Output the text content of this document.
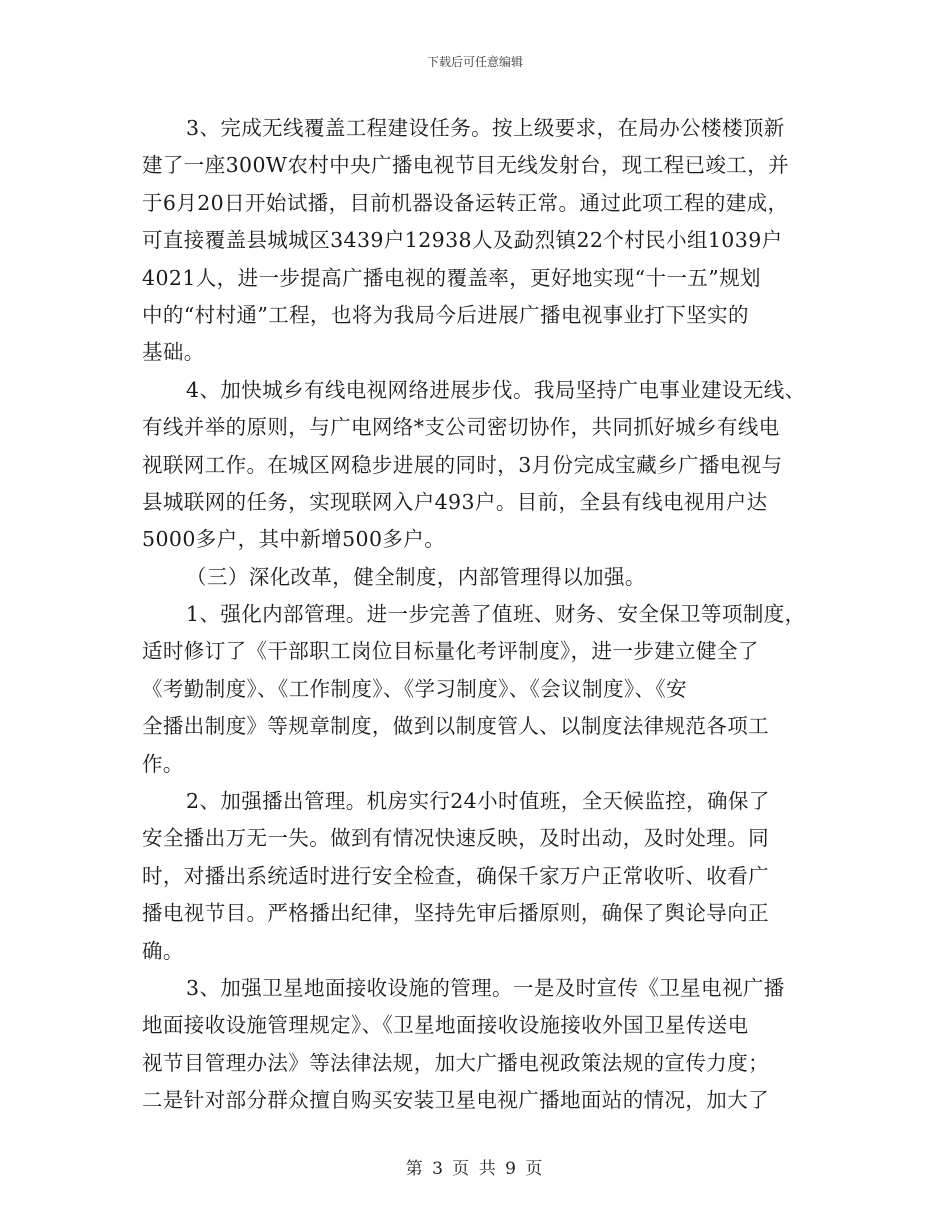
下载后可任意编辑
3、完成无线覆盖工程建设任务。按上级要求，在局办公楼楼顶新
建了一座300W农村中央广播电视节目无线发射台，现工程已竣工，并
于6月20日开始试播，目前机器设备运转正常。通过此项工程的建成，
可直接覆盖县城城区3439户12938人及勐烈镇22个村民小组1039户
4021人，进一步提高广播电视的覆盖率，更好地实现“十一五”规划
中的“村村通”工程，也将为我局今后进展广播电视事业打下坚实的
基础。
4、加快城乡有线电视网络进展步伐。我局坚持广电事业建设无线、
有线并举的原则，与广电网络*支公司密切协作，共同抓好城乡有线电
视联网工作。在城区网稳步进展的同时，3月份完成宝藏乡广播电视与
县城联网的任务，实现联网入户493户。目前，全县有线电视用户达
5000多户，其中新增500多户。
（三）深化改革，健全制度，内部管理得以加强。
1、强化内部管理。进一步完善了值班、财务、安全保卫等项制度，
适时修订了《干部职工岗位目标量化考评制度》，进一步建立健全了
《考勤制度》、《工作制度》、《学习制度》、《会议制度》、《安
全播出制度》等规章制度，做到以制度管人、以制度法律规范各项工
作。
2、加强播出管理。机房实行24小时值班，全天候监控，确保了
安全播出万无一失。做到有情况快速反映，及时出动，及时处理。同
时，对播出系统适时进行安全检查，确保千家万户正常收听、收看广
播电视节目。严格播出纪律，坚持先审后播原则，确保了舆论导向正
确。
3、加强卫星地面接收设施的管理。一是及时宣传《卫星电视广播
地面接收设施管理规定》、《卫星地面接收设施接收外国卫星传送电
视节目管理办法》等法律法规，加大广播电视政策法规的宣传力度；
二是针对部分群众擅自购买安装卫星电视广播地面站的情况，加大了
第 3 页 共 9 页
